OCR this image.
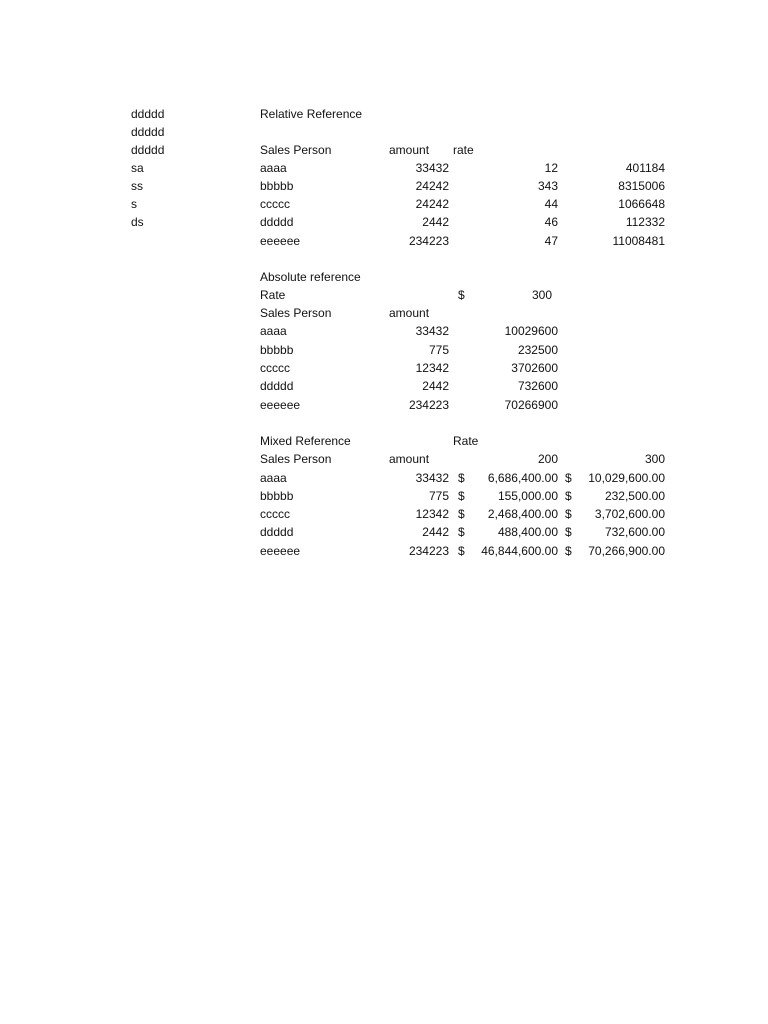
ddddd	Relative Reference
ddddd
ddddd	Sales Person	amount rate
sa	aaaa	33432	12	401184
ss	bbbbb	24242	343	8315006
s	ccccc	24242	44	1066648
ds	ddddd	2442	46	112332
eeeeee	234223	47	11008481
Absolute reference
Rate	$	300
Sales Person	amount
aaaa	33432	10029600
bbbbb	775	232500
ccccc	12342	3702600
ddddd	2442	732600
eeeeee	234223	70266900
Mixed Reference	Rate
Sales Person	amount	200	300
aaaa	33432 $ 6,686,400.00 $ 10,029,600.00
bbbbb	775 $	155,000.00 $	232,500.00
ccccc	12342 $ 2,468,400.00 $ 3,702,600.00
ddddd	2442 $	488,400.00 $	732,600.00
eeeeee	234223 $ 46,844,600.00 $ 70,266,900.00
